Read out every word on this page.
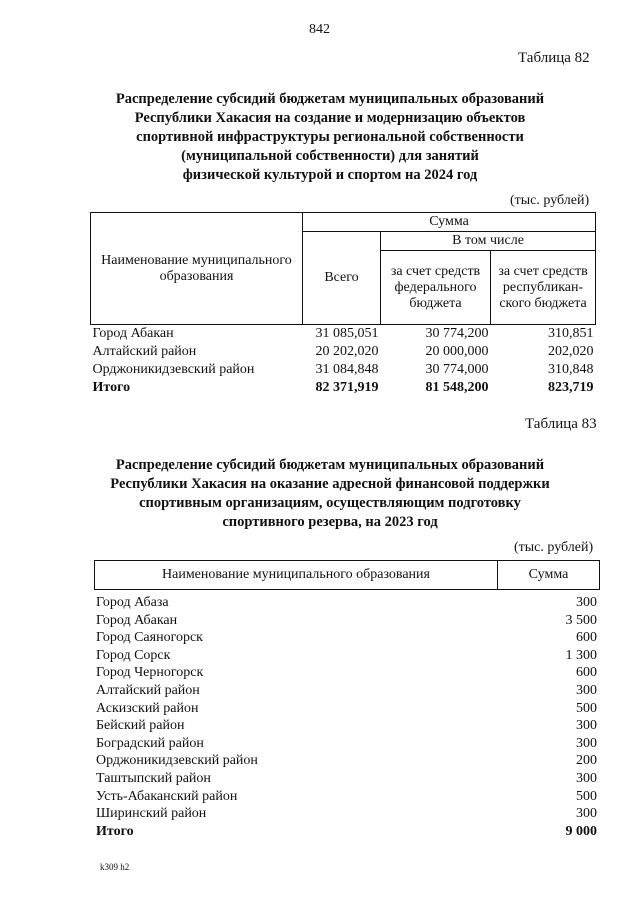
842
Таблица 82
Распределение субсидий бюджетам муниципальных образований
Республики Хакасия на создание и модернизацию объектов
спортивной инфраструктуры региональной собственности
(муниципальной собственности) для занятий
физической культурой и спортом на 2024 год
(тыс. рублей)
Наименование муниципального образования	Сумма		
	Всего	В том числе	
		за счет средств федерального бюджета	за счет средств республикан-ского бюджета
Город Абакан	31 085,051	30 774,200	310,851
Алтайский район	20 202,020	20 000,000	202,020
Орджоникидзевский район	31 084,848	30 774,000	310,848
Итого	82 371,919	81 548,200	823,719
Таблица 83
Распределение субсидий бюджетам муниципальных образований
Республики Хакасия на оказание адресной финансовой поддержки
спортивным организациям, осуществляющим подготовку
спортивного резерва, на 2023 год
(тыс. рублей)
Наименование муниципального образования	Сумма
Город Абаза	300
Город Абакан	3 500
Город Саяногорск	600
Город Сорск	1 300
Город Черногорск	600
Алтайский район	300
Аскизский район	500
Бейский район	300
Боградский район	300
Орджоникидзевский район	200
Таштыпский район	300
Усть-Абаканский район	500
Ширинский район	300
Итого	9 000
k309 h2
